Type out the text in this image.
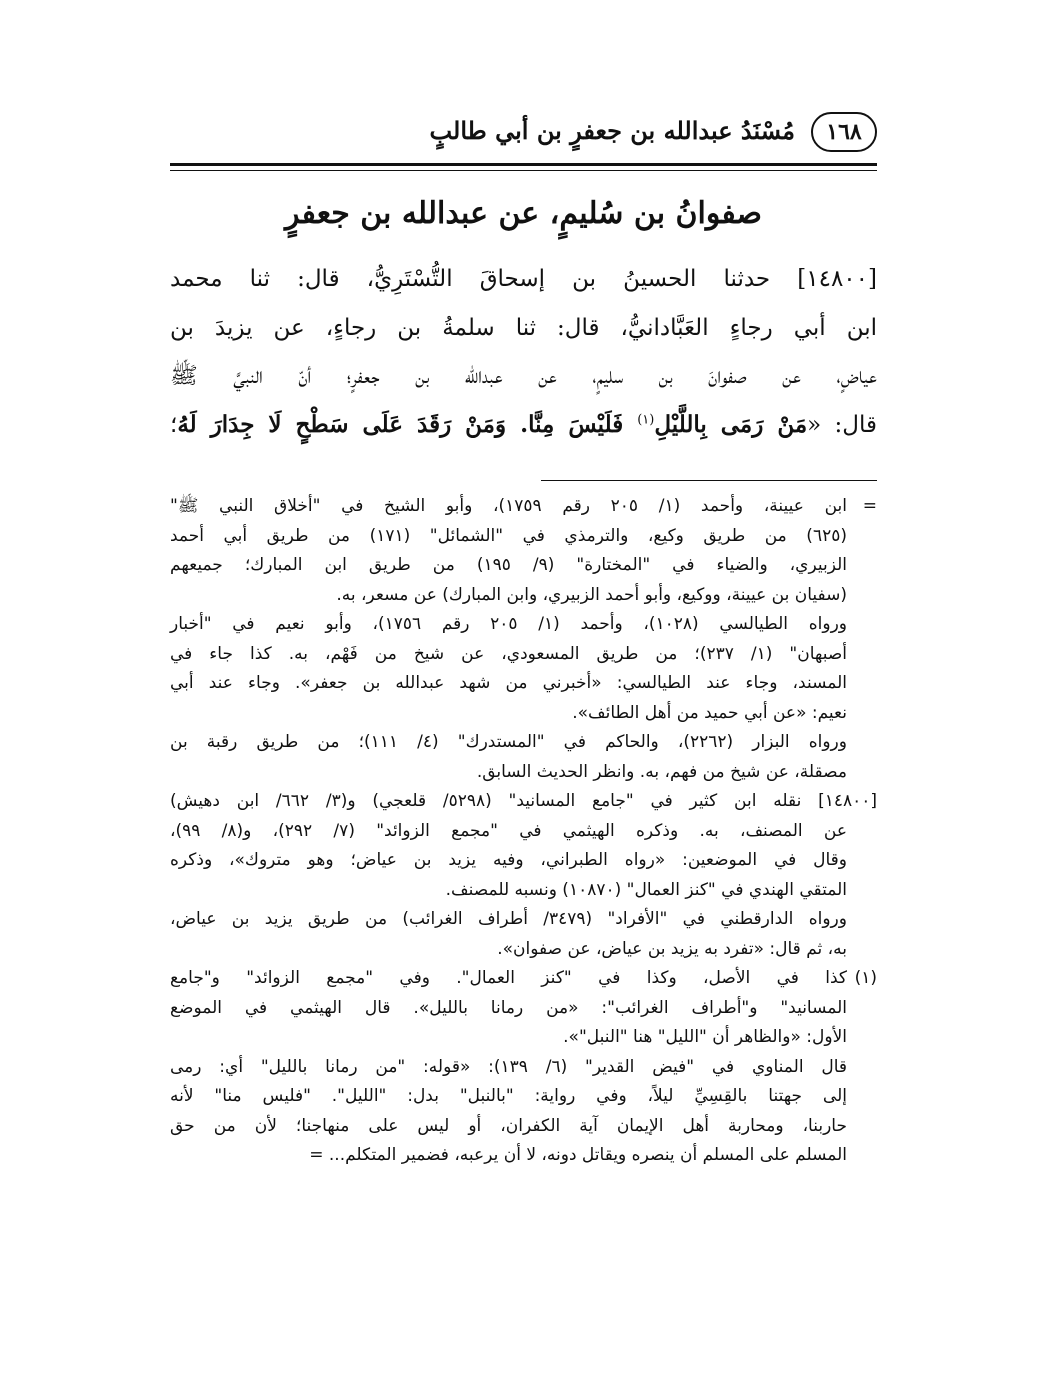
١٦٨
مُسْنَدُ عبدالله بن جعفرٍ بن أبي طالبٍ
صفوانُ بن سُليمٍ، عن عبدالله بن جعفرٍ
[١٤٨٠٠] حدثنا الحسينُ بن إسحاقَ التُّسْتَرِيُّ، قال: ثنا محمد
ابن أبي رجاءٍ العَبَّادانيُّ، قال: ثنا سلمةُ بن رجاءٍ، عن يزيدَ بن
عياضٍ، عن صفوانَ بن سليمٍ، عن عبدالله بن جعفرٍ؛ أنّ النبيَّ ﷺ
قال: «مَنْ رَمَى بِاللَّيْلِ$^{(١)}$ فَلَيْسَ مِنَّا. وَمَنْ رَقَدَ عَلَى سَطْحٍ لَا جِدَارَ لَهُ؛
=
ابن عيينة، وأحمد (١/ ٢٠٥ رقم ١٧٥٩)، وأبو الشيخ في "أخلاق النبي ﷺ"
(٦٢٥) من طريق وكيع، والترمذي في "الشمائل" (١٧١) من طريق أبي أحمد
الزبيري، والضياء في "المختارة" (٩/ ١٩٥) من طريق ابن المبارك؛ جميعهم
(سفيان بن عيينة، ووكيع، وأبو أحمد الزبيري، وابن المبارك) عن مسعر، به.
ورواه الطيالسي (١٠٢٨)، وأحمد (١/ ٢٠٥ رقم ١٧٥٦)، وأبو نعيم في "أخبار
أصبهان" (١/ ٢٣٧)؛ من طريق المسعودي، عن شيخ من فَهْم، به. كذا جاء في
المسند، وجاء عند الطيالسي: «أخبرني من شهد عبدالله بن جعفر». وجاء عند أبي
نعيم: «عن أبي حميد من أهل الطائف».
ورواه البزار (٢٢٦٢)، والحاكم في "المستدرك" (٤/ ١١١)؛ من طريق رقبة بن
مصقلة، عن شيخ من فهم، به. وانظر الحديث السابق.
[١٤٨٠٠] نقله ابن كثير في "جامع المسانيد" (٥٢٩٨/ قلعجي) و(٣/ ٦٦٢/ ابن دهيش)
عن المصنف، به. وذكره الهيثمي في "مجمع الزوائد" (٧/ ٢٩٢)، و(٨/ ٩٩)،
وقال في الموضعين: «رواه الطبراني، وفيه يزيد بن عياض؛ وهو متروك»، وذكره
المتقي الهندي في "كنز العمال" (١٠٨٧٠) ونسبه للمصنف.
ورواه الدارقطني في "الأفراد" (٣٤٧٩/ أطراف الغرائب) من طريق يزيد بن عياض،
به، ثم قال: «تفرد به يزيد بن عياض، عن صفوان».
(١)
كذا في الأصل، وكذا في "كنز العمال". وفي "مجمع الزوائد" و"جامع
المسانيد" و"أطراف الغرائب": «من رمانا بالليل». قال الهيثمي في الموضع
الأول: «والظاهر أن "الليل" هنا "النبل"».
قال المناوي في "فيض القدير" (٦/ ١٣٩): «قوله: "من رمانا بالليل" أي: رمى
إلى جهتنا بالقِسِيِّ ليلاً، وفي رواية: "بالنبل" بدل: "الليل". "فليس منا" لأنه
حاربنا، ومحاربة أهل الإيمان آية الكفران، أو ليس على منهاجنا؛ لأن من حق
المسلم على المسلم أن ينصره ويقاتل دونه، لا أن يرعبه، فضمير المتكلم... =
